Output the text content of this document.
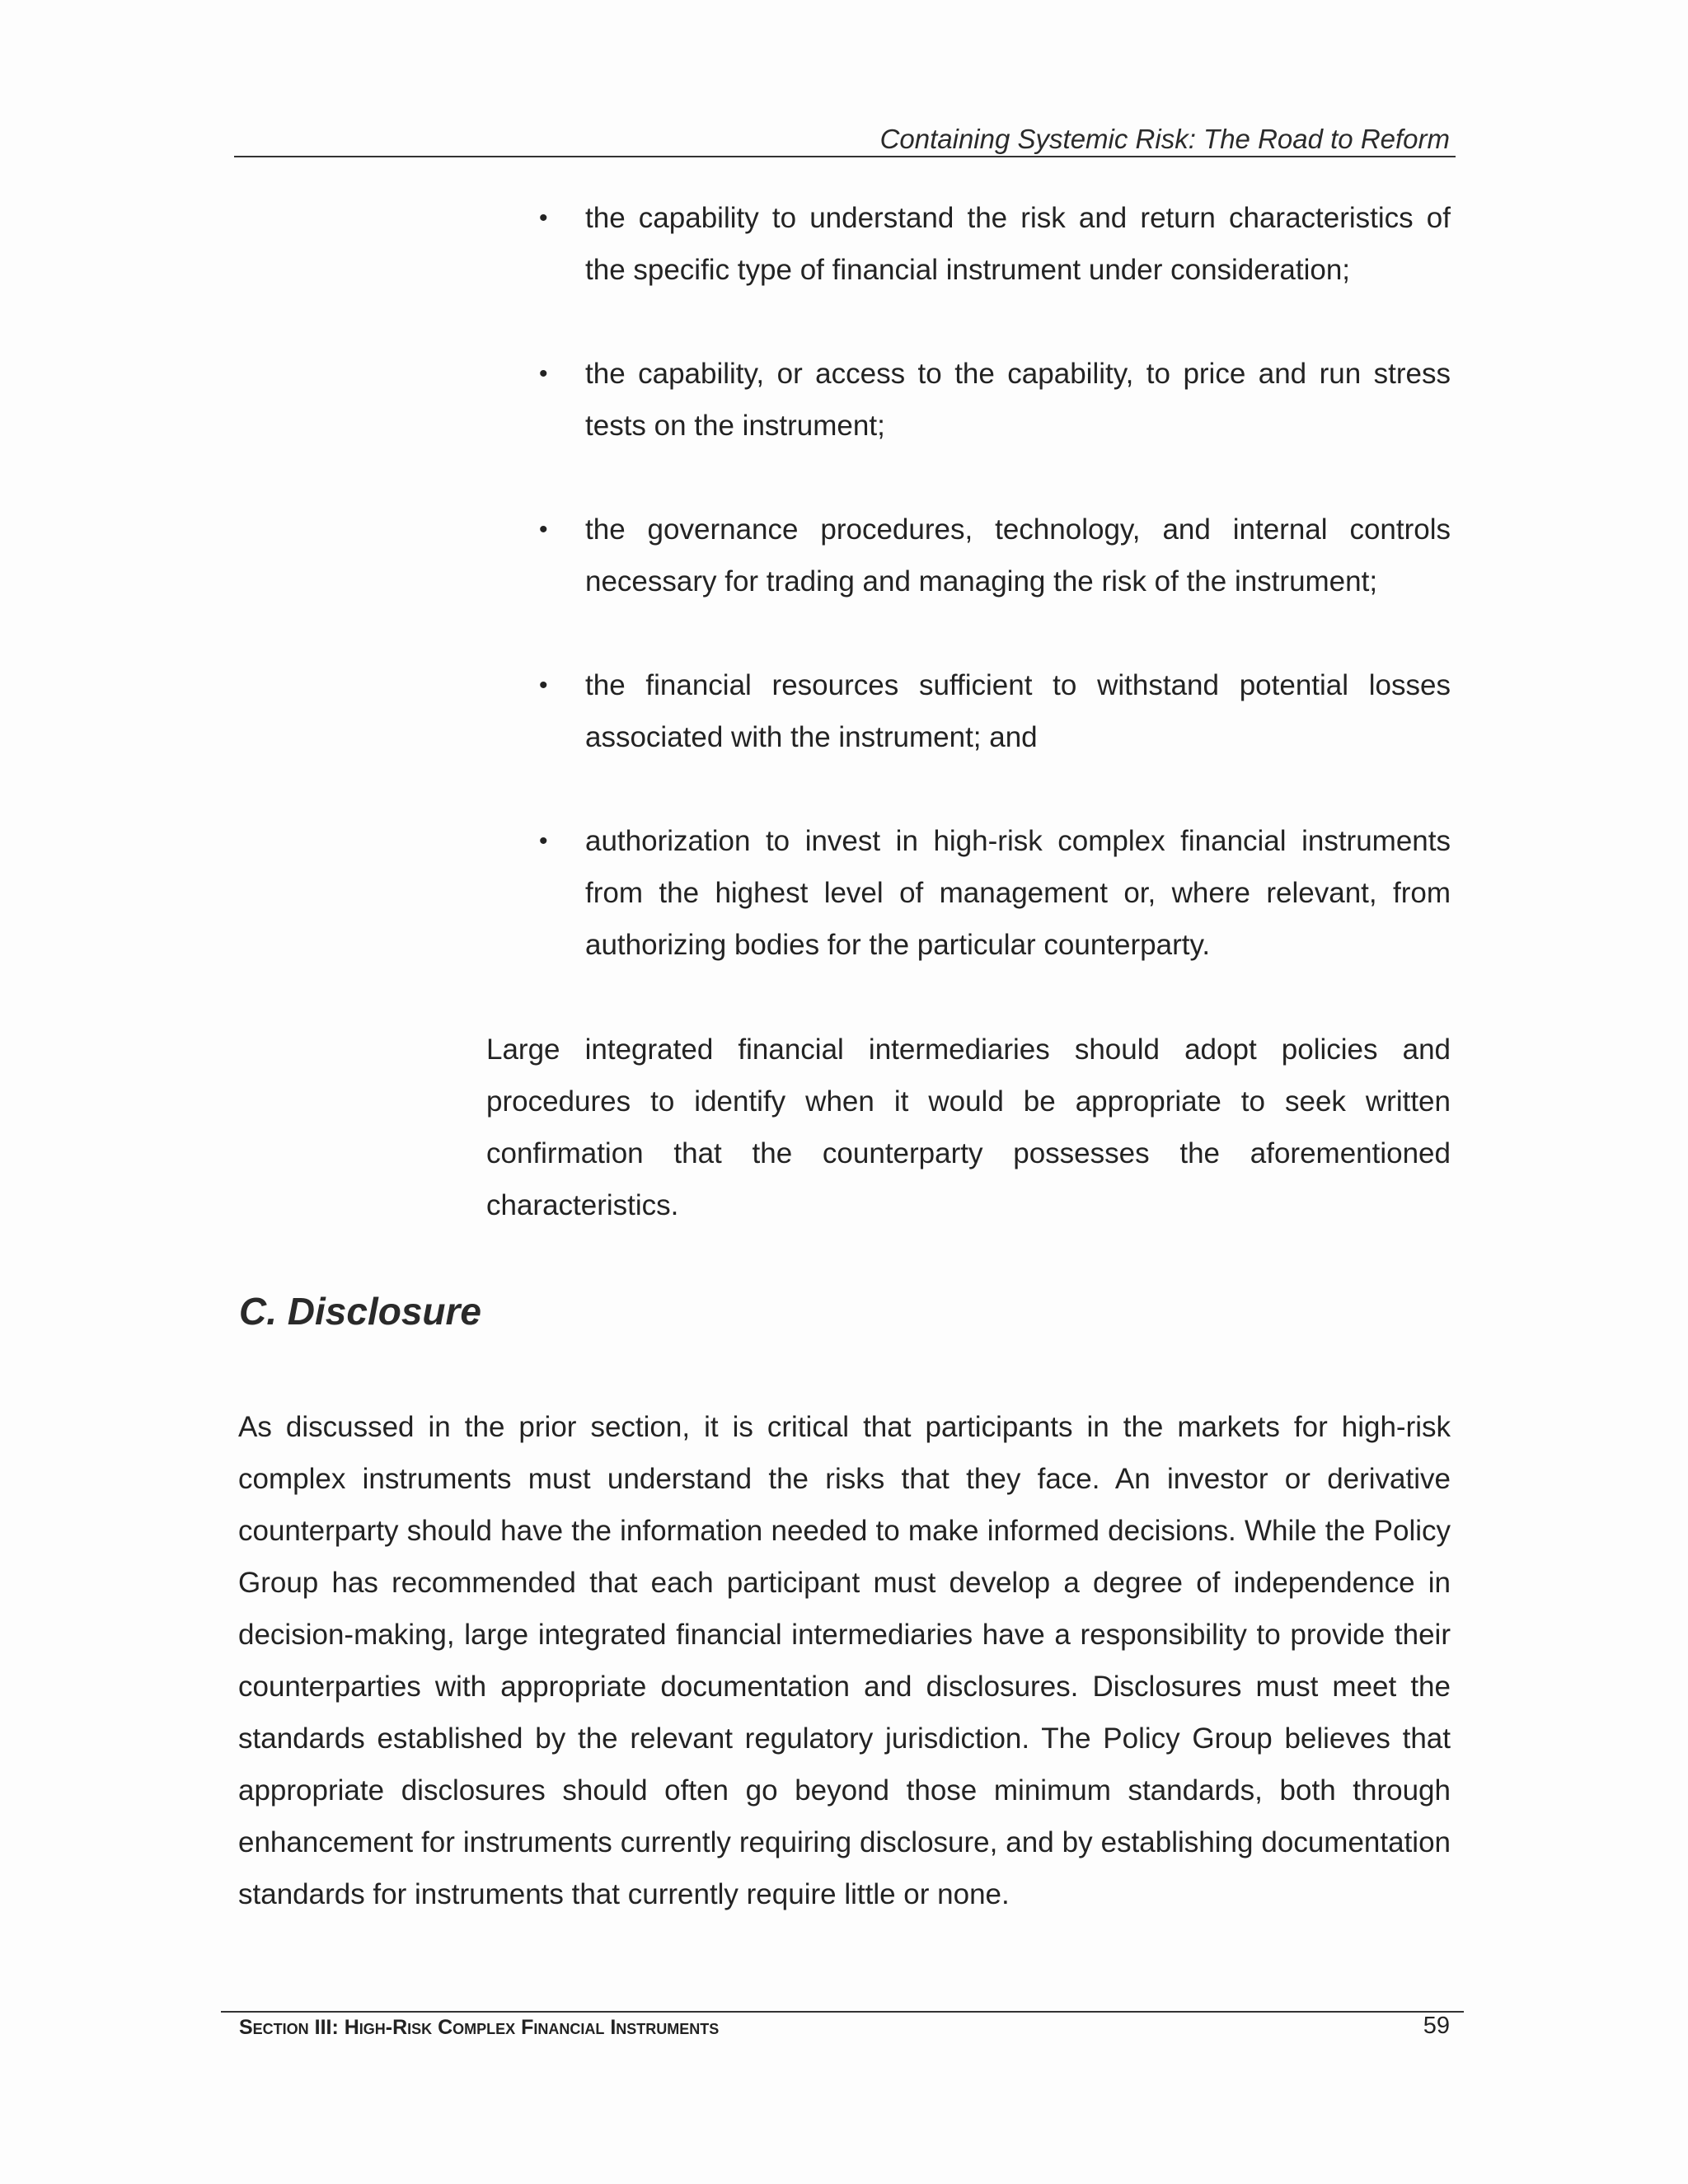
Containing Systemic Risk: The Road to Reform
•	the capability to understand the risk and return characteristics of the specific type of financial instrument under consideration;
•	the capability, or access to the capability, to price and run stress tests on the instrument;
•	the governance procedures, technology, and internal controls necessary for trading and managing the risk of the instrument;
•	the financial resources sufficient to withstand potential losses associated with the instrument; and
•	authorization to invest in high-risk complex financial instruments from the highest level of management or, where relevant, from authorizing bodies for the particular counterparty.

Large integrated financial intermediaries should adopt policies and procedures to identify when it would be appropriate to seek written confirmation that the counterparty possesses the aforementioned characteristics.

C. Disclosure

As discussed in the prior section, it is critical that participants in the markets for high-risk complex instruments must understand the risks that they face. An investor or derivative counterparty should have the information needed to make informed decisions. While the Policy Group has recommended that each participant must develop a degree of independence in decision-making, large integrated financial intermediaries have a responsibility to provide their counterparties with appropriate documentation and disclosures. Disclosures must meet the standards established by the relevant regulatory jurisdiction. The Policy Group believes that appropriate disclosures should often go beyond those minimum standards, both through enhancement for instruments currently requiring disclosure, and by establishing documentation standards for instruments that currently require little or none.

Section III: High-Risk Complex Financial Instruments	59
